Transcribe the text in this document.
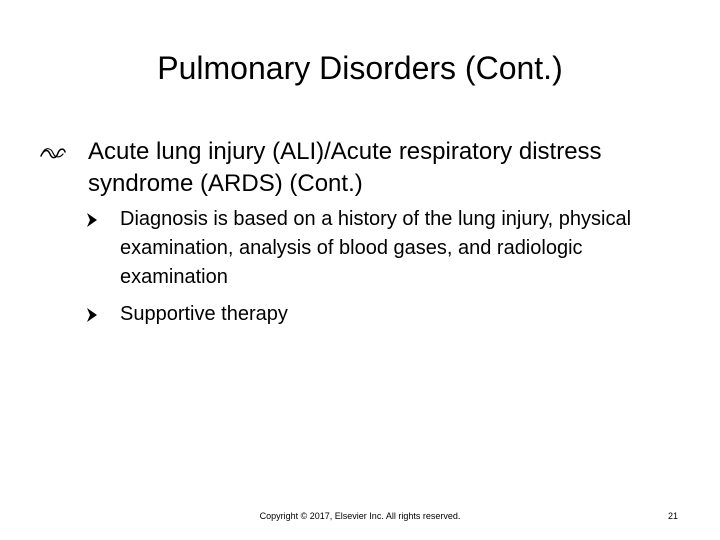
Pulmonary Disorders (Cont.)
Acute lung injury (ALI)/Acute respiratory distress syndrome (ARDS) (Cont.)
Diagnosis is based on a history of the lung injury, physical examination, analysis of blood gases, and radiologic examination
Supportive therapy
Copyright © 2017, Elsevier Inc. All rights reserved.	21
